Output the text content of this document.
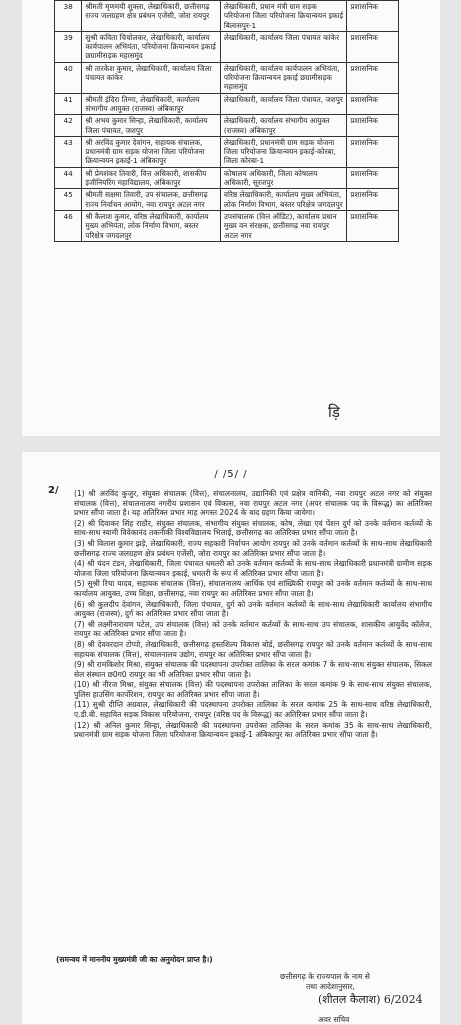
38	श्रीमती मृणमयी शुक्ला, लेखाधिकारी, छत्तीसगढ़ राज्य जलग्रहण क्षेत्र प्रबंधन एजेंसी, जोरा रायपुर	लेखाधिकारी, प्रधान मंत्री ग्राम सड़क परियोजना जिला परियोजना क्रियान्वयन इकाई बिलासपुर-1	प्रशासनिक
39	सुश्री कविता चिचोलकर, लेखाधिकारी, कार्यालय कार्यपालन अभियंता, परियोजना क्रियान्वयन इकाई छग्रामीसड़क महासमुंद	लेखाधिकारी, कार्यालय जिला पंचायत कांकेर	प्रशासनिक
40	श्री तारकेश कुमार, लेखाधिकारी, कार्यालय जिला पंचायत कांकेर	लेखाधिकारी, कार्यालय कार्यपालन अभियंता, परियोजना क्रियान्वयन इकाई छग्रामीसड़क महासमुंद	प्रशासनिक
41	श्रीमती इंदिरा तिग्गा, लेखाधिकारी, कार्यालय संभागीय आयुक्त (राजस्व) अंबिकापुर	लेखाधिकारी, कार्यालय जिला पंचायत, जशपुर	प्रशासनिक
42	श्री अभय कुमार सिन्हा, लेखाधिकारी, कार्यालय जिला पंचायत, जशपुर	लेखाधिकारी, कार्यालय संभागीय आयुक्त (राजस्व) अंबिकापुर	प्रशासनिक
43	श्री अरविंद कुमार देवांगन, सहायक संचालक, प्रधानमंत्री ग्राम सड़क योजना जिला परियोजना क्रियान्वयन इकाई-1 अंबिकापुर	लेखाधिकारी, प्रधानमंत्री ग्राम सड़क योजना जिला परियोजना क्रियान्वयन इकाई-कोरबा, जिला कोरबा-1	प्रशासनिक
44	श्री प्रेमशंकर तिवारी, वित्त अधिकारी, शासकीय इंजीनियरिंग महाविद्यालय, अंबिकापुर	कोषालय अधिकारी, जिला कोषालय अधिकारी, सूरजपुर	प्रशासनिक
45	श्रीमती सक्षमा तिवारी, उप संचालक, छत्तीसगढ़ राज्य निर्वाचन आयोग, नवा रायपुर अटल नगर	वरिष्ठ लेखाधिकारी, कार्यालय मुख्य अभियंता, लोक निर्माण विभाग, बस्तर परिक्षेत्र जगदलपुर	प्रशासनिक
46	श्री कैलाश कुमार, वरिष्ठ लेखाधिकारी, कार्यालय मुख्य अभियंता, लोक निर्माण विभाग, बस्तर परिक्षेत्र जगदलपुर	उपसंचालक (वित्त ऑडिट), कार्यालय प्रधान मुख्य वन संरक्षक, छत्तीसगढ़ नवा रायपुर अटल नगर	प्रशासनिक
ड़ि
/ /5/ /
2/ (1) श्री अरविंद कुजुर, संयुक्त संचालक (वित्त), संचालनालय, उद्यानिकी एवं प्रक्षेत्र वानिकी, नवा रायपुर अटल नगर को संयुक्त संचालक (वित्त), संचालनालय नगरीय प्रशासन एवं विकास, नवा रायपुर अटल नगर (अपर संचालक पद के विरूद्ध) का अतिरिक्त प्रभार सौंपा जाता है। यह अतिरिक्त प्रभार माह अगस्त 2024 के बाद ग्रहण किया जायेगा।

(2) श्री दिवाकर सिंह राठौर, संयुक्त संचालक, संभागीय संयुक्त संचालक, कोष, लेखा एवं पेंशन दुर्ग को उनके वर्तमान कर्तव्यों के साथ-साथ स्वामी विवेकानंद तकनीकी विश्वविद्यालय भिलाई, छत्तीसगढ़ का अतिरिक्त प्रभार सौंपा जाता है।

(3) श्री विलास कुमार झड़े, लेखाधिकारी, राज्य सहकारी निर्वाचन आयोग रायपुर को उनके वर्तमान कर्तव्यों के साथ-साथ लेखाधिकारी छत्तीसगढ़ राज्य जलग्रहण क्षेत्र प्रबंधन एजेंसी, जोरा रायपुर का अतिरिक्त प्रभार सौंपा जाता है।

(4) श्री चंदन टंडन, लेखाधिकारी, जिला पंचायत धमतरी को उनके वर्तमान कर्तव्यों के साथ-साथ लेखाधिकारी प्रधानमंत्री ग्रामीण सड़क योजना जिला परियोजना क्रियान्वयन इकाई, धमतरी के रूप में अतिरिक्त प्रभार सौंपा जाता है।

(5) सुश्री रिचा यादव, सहायक संचालक (वित्त), संचालनालय आर्थिक एवं सांख्यिकी रायपुर को उनके वर्तमान कर्तव्यों के साथ-साथ कार्यालय आयुक्त, उच्च शिक्षा, छत्तीसगढ़, नवा रायपुर का अतिरिक्त प्रभार सौंपा जाता है।

(6) श्री कुलदीप देवांगन, लेखाधिकारी, जिला पंचायत, दुर्ग को उनके वर्तमान कर्तव्यों के साथ-साथ लेखाधिकारी कार्यालय संभागीय आयुक्त (राजस्व), दुर्ग का अतिरिक्त प्रभार सौंपा जाता है।

(7) श्री लक्ष्मीनारायण पटेल, उप संचालक (वित्त) को उनके वर्तमान कर्तव्यों के साथ-साथ उप संचालक, शासकीय आयुर्वेद कॉलेज, रायपुर का अतिरिक्त प्रभार सौंपा जाता है।

(8) श्री देववरदान टोप्पो, लेखाधिकारी, छत्तीसगढ़ हस्तशिल्प विकास बोर्ड, छत्तीसगढ़ रायपुर को उनके वर्तमान कर्तव्यों के साथ-साथ सहायक संचालक (वित्त), संचालनालय उद्योग, रायपुर का अतिरिक्त प्रभार सौंपा जाता है।

(9) श्री रामकिशोर मिश्रा, संयुक्त संचालक की पदस्थापना उपरोक्त तालिका के सरल कमांक 7 के साथ-साथ संयुक्त संचालक, सिकल सेल संस्थान छ0ग0 रायपुर का भी अतिरिक्त प्रभार सौंपा जाता है।

(10) श्री नीरज मिश्रा, संयुक्त संचालक (वित्त) की पदस्थापना उपरोक्त तालिका के सरल कमांक 9 के साथ-साथ संयुक्त संचालक, पुलिस हाउसिंग कार्पोरेशन, रायपुर का अतिरिक्त प्रभार सौंपा जाता है।

(11) सुश्री दीप्ति अग्रवाल, लेखाधिकारी की पदस्थापना उपरोक्त तालिका के सरल कमांक 25 के साथ-साथ वरिष्ठ लेखाधिकारी, ए.डी.बी. सहायित सड़क विकास परियोजना, रायपुर (वरिष्ठ पद के विरूद्ध) का अतिरिक्त प्रभार सौंपा जाता है।

(12) श्री अनिल कुमार सिन्हा, लेखाधिकारी की पदस्थापना उपरोक्त तालिका के सरल कमांक 35 के साथ-साथ लेखाधिकारी, प्रधानमंत्री ग्राम सड़क योजना जिला परियोजना क्रियान्वयन इकाई-1 अंबिकापुर का अतिरिक्त प्रभार सौंपा जाता है।

(समन्वय में माननीय मुख्यमंत्री जी का अनुमोदन प्राप्त है।)
छत्तीसगढ़ के राज्यपाल के नाम से
तथा आदेशानुसार,
(शीतल कैलाश) 6/2024
अवर सचिव
